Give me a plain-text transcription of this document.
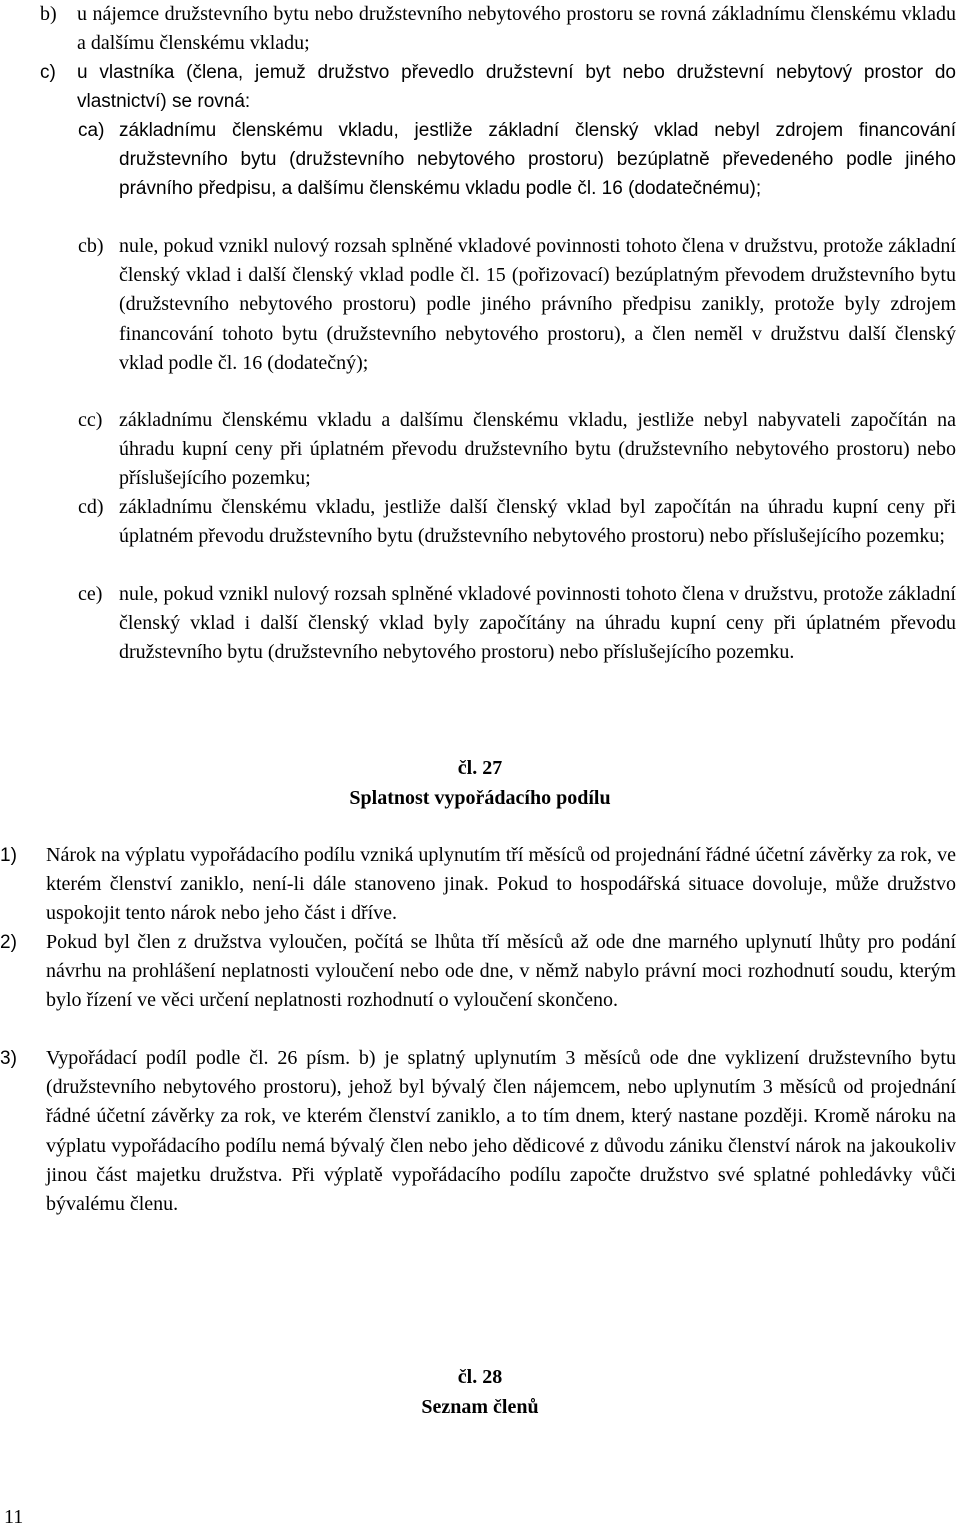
b) u nájemce družstevního bytu nebo družstevního nebytového prostoru se rovná základnímu členskému vkladu a dalšímu členskému vkladu;
c) u vlastníka (člena, jemuž družstvo převedlo družstevní byt nebo družstevní nebytový prostor do vlastnictví) se rovná:
ca) základnímu členskému vkladu, jestliže základní členský vklad nebyl zdrojem financování družstevního bytu (družstevního nebytového prostoru) bezúplatně převedeného podle jiného právního předpisu, a dalšímu členskému vkladu podle čl. 16 (dodatečnému);
cb) nule, pokud vznikl nulový rozsah splněné vkladové povinnosti tohoto člena v družstvu, protože základní členský vklad i další členský vklad podle čl. 15 (pořizovací) bezúplatným převodem družstevního bytu (družstevního nebytového prostoru) podle jiného právního předpisu zanikly, protože byly zdrojem financování tohoto bytu (družstevního nebytového prostoru), a člen neměl v družstvu další členský vklad podle čl. 16 (dodatečný);
cc) základnímu členskému vkladu a dalšímu členskému vkladu, jestliže nebyl nabyvateli započítán na úhradu kupní ceny při úplatném převodu družstevního bytu (družstevního nebytového prostoru) nebo příslušejícího pozemku;
cd) základnímu členskému vkladu, jestliže další členský vklad byl započítán na úhradu kupní ceny při úplatném převodu družstevního bytu (družstevního nebytového prostoru) nebo příslušejícího pozemku;
ce) nule, pokud vznikl nulový rozsah splněné vkladové povinnosti tohoto člena v družstvu, protože základní členský vklad i další členský vklad byly započítány na úhradu kupní ceny při úplatném převodu družstevního bytu (družstevního nebytového prostoru) nebo příslušejícího pozemku.
čl. 27
Splatnost vypořádacího podílu
1) Nárok na výplatu vypořádacího podílu vzniká uplynutím tří měsíců od projednání řádné účetní závěrky za rok, ve kterém členství zaniklo, není-li dále stanoveno jinak. Pokud to hospodářská situace dovoluje, může družstvo uspokojit tento nárok nebo jeho část i dříve.
2) Pokud byl člen z družstva vyloučen, počítá se lhůta tří měsíců až ode dne marného uplynutí lhůty pro podání návrhu na prohlášení neplatnosti vyloučení nebo ode dne, v němž nabylo právní moci rozhodnutí soudu, kterým bylo řízení ve věci určení neplatnosti rozhodnutí o vyloučení skončeno.
3) Vypořádací podíl podle čl. 26 písm. b) je splatný uplynutím 3 měsíců ode dne vyklizení družstevního bytu (družstevního nebytového prostoru), jehož byl bývalý člen nájemcem, nebo uplynutím 3 měsíců od projednání řádné účetní závěrky za rok, ve kterém členství zaniklo, a to tím dnem, který nastane později. Kromě nároku na výplatu vypořádacího podílu nemá bývalý člen nebo jeho dědicové z důvodu zániku členství nárok na jakoukoliv jinou část majetku družstva. Při výplatě vypořádacího podílu započte družstvo své splatné pohledávky vůči bývalému členu.
čl. 28
Seznam členů
11
